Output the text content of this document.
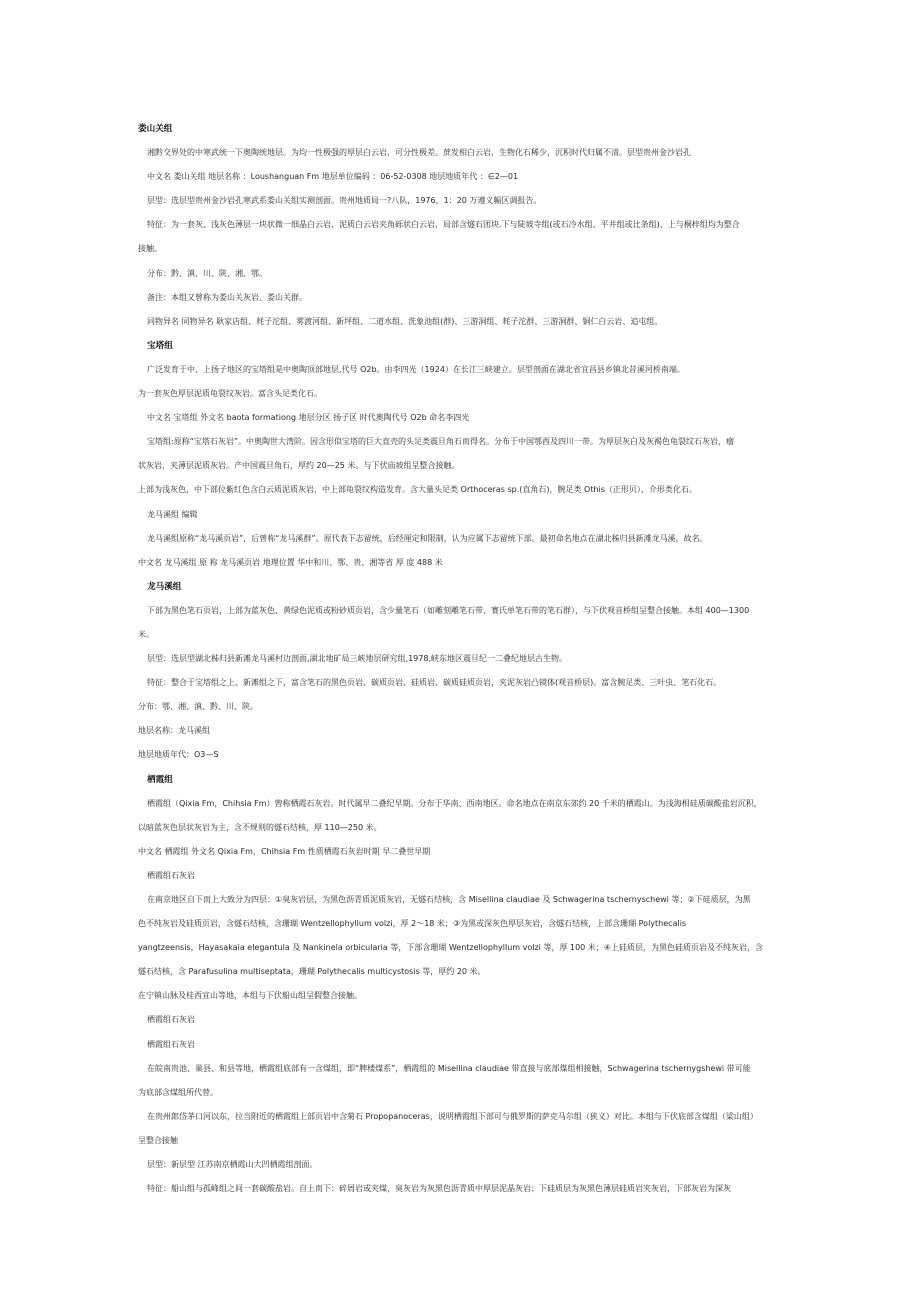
娄山关组
湘黔交界处的中寒武统一下奥陶统地层。为均一性极强的厚层白云岩，可分性极差。蔗发相白云岩，生物化石稀少，沉积时代归属不清。层型贵州金沙岩孔
中文名 娄山关组 地层名称 ：Loushanguan Fm 地层单位编码 ：06-52-0308 地层地质年代 ：∈2—01
层型：选层型贵州金沙岩孔寒武系娄山关组实测剖面。贵州地质局一?八队，1976，1：20 万遵义幅区调报告。
特征：为一套灰、浅灰色薄层一块状微一细晶白云岩、泥质白云岩夹角砾状白云岩，局部含燧石团块.下与陡坡寺组(或石冷水组、平井组或比条组)、上与桐梓组均为整合
接触。
分布：黔、滇、川、陕、湘、鄂。
备注：本组又曾称为娄山关灰岩、娄山关群。
同物异名 同物异名 耿家店组、耗子沱组、雾渡河组、新坪组、二道水组、洗象池组(群)、三游洞组、耗子沱群、三游洞群、铜仁白云岩、追屯组。
宝塔组
广泛发育于中、上扬子地区的宝塔组是中奥陶顶部地层,代号 O2b。由李四光（1924）在长江三峡建立。层型剖面在湖北省宜昌县乡镇北昔溪河桥南端。
为一套灰色厚层泥质龟裂纹灰岩。富含头足类化石。
中文名 宝塔组 外文名 baota formationg 地层分区 扬子区 时代奥陶代号 O2b 命名李四光
宝塔组:原称“宝塔石灰岩”。中奥陶世大湾阶。因含形似宝塔的巨大直壳的头足类震旦角石而得名。分布于中国鄂西及四川一带。为厚层灰白及灰褐色龟裂纹石灰岩，瘤
状灰岩，夹薄层泥质灰岩。产中国震旦角石，厚约 20—25 米。与下伏庙坡组呈整合接触。
上部为浅灰色，中下部位紫红色含白云质泥质灰岩，中上部龟裂纹构造发育。含大量头足类 Orthoceras sp.(直角石)，腕足类 Othis（正形贝），介形类化石。
龙马溪组 编辑
龙马溪组原称“龙马溪页岩”，后曾称“龙马溪群”。原代表下志留统，后经厘定和限制，认为应属下志留统下部。最初命名地点在湖北秭归县新滩龙马溪，故名。
中文名 龙马溪组 原 称 龙马溪页岩 地理位置 华中和川、鄂、贵、湘等省 厚 度 488 米
龙马溪组
下部为黑色笔石页岩，上部为蓝灰色、黄绿色泥质或粉砂质页岩，含少量笔石（如雕刻雕笔石带、赛氏单笔石带的笔石群），与下伏观音桥组呈整合接触。本组 400—1300
米。
层型：选层型湖北秭归县新滩龙马溪村边剖面,湖北地矿局三峡地层研究组,1978,峡东地区震旦纪一二叠纪地层古生物。
特征：整合于宝塔组之上、新滩组之下，富含笔石的黑色页岩、碳质页岩、硅质岩、碳质硅质页岩，夹泥灰岩凸镜体(观音桥层)。富含腕足类、三叶虫、笔石化石。
分布：鄂、湘、滇、黔、川、陕。
地层名称：龙马溪组
地层地质年代：O3—S
栖霞组
栖霞组（Qixia Fm，Chihsia Fm）曾称栖霞石灰岩。时代属早二叠纪早期。分布于华南、西南地区。命名地点在南京东郊约 20 千米的栖霞山。为浅海相硅质碳酸盐岩沉积，
以暗蓝灰色层状灰岩为主，含不规则的燧石结核，厚 110—250 米。
中文名 栖霞组 外文名 Qixia Fm，Chihsia Fm 性质栖霞石灰岩时期 早二叠世早期
栖霞组石灰岩
在南京地区自下而上大致分为四层：①臭灰岩层，为黑色沥青质泥质灰岩，无燧石结核，含 Misellina claudiae 及 Schwagerina tschernyschewi 等；②下硅质层，为黑
色不纯灰岩及硅质页岩，含燧石结核，含珊瑚 Wentzellophyllum volzi，厚 2～18 米；③为黑或深灰色厚层灰岩，含燧石结核，上部含珊瑚 Polythecalis
yangtzeensis，Hayasakaia elegantula 及 Nankinela orbicularia 等，下部含珊瑚 Wentzellophyllum volzi 等，厚 100 米；④上硅质层，为黑色硅质页岩及不纯灰岩，含
燧石结核，含 Parafusulina multiseptata，珊瑚 Polythecalis multicystosis 等，厚约 20 米。
在宁镇山脉及桂西宜山等地，本组与下伏船山组呈假整合接触。
栖霞组石灰岩
栖霞组石灰岩
在皖南贵池、巢县、和县等地，栖霞组底部有一含煤组，即“脾楼煤系”，栖霞组的 Misellina claudiae 带直接与底部煤组相接触，Schwagerina tschernygshewi 带可能
为底部含煤组所代替。
在贵州郎岱茅口河以东，拉当附近的栖霞组上部页岩中含菊石 Propopanoceras，说明栖霞组下部可与俄罗斯的萨克马尔组（狭义）对比。本组与下伏底部含煤组（梁山组）
呈整合接触
层型：新层型 江苏南京栖霞山大凹栖霞组剖面。
特征：船山组与孤峰组之间一套碳酸盐岩。自上而下：碎屑岩或夹煤，臭灰岩为灰黑色沥青质中厚层泥晶灰岩；下硅质层为灰黑色薄层硅质岩夹灰岩，下部灰岩为深灰
